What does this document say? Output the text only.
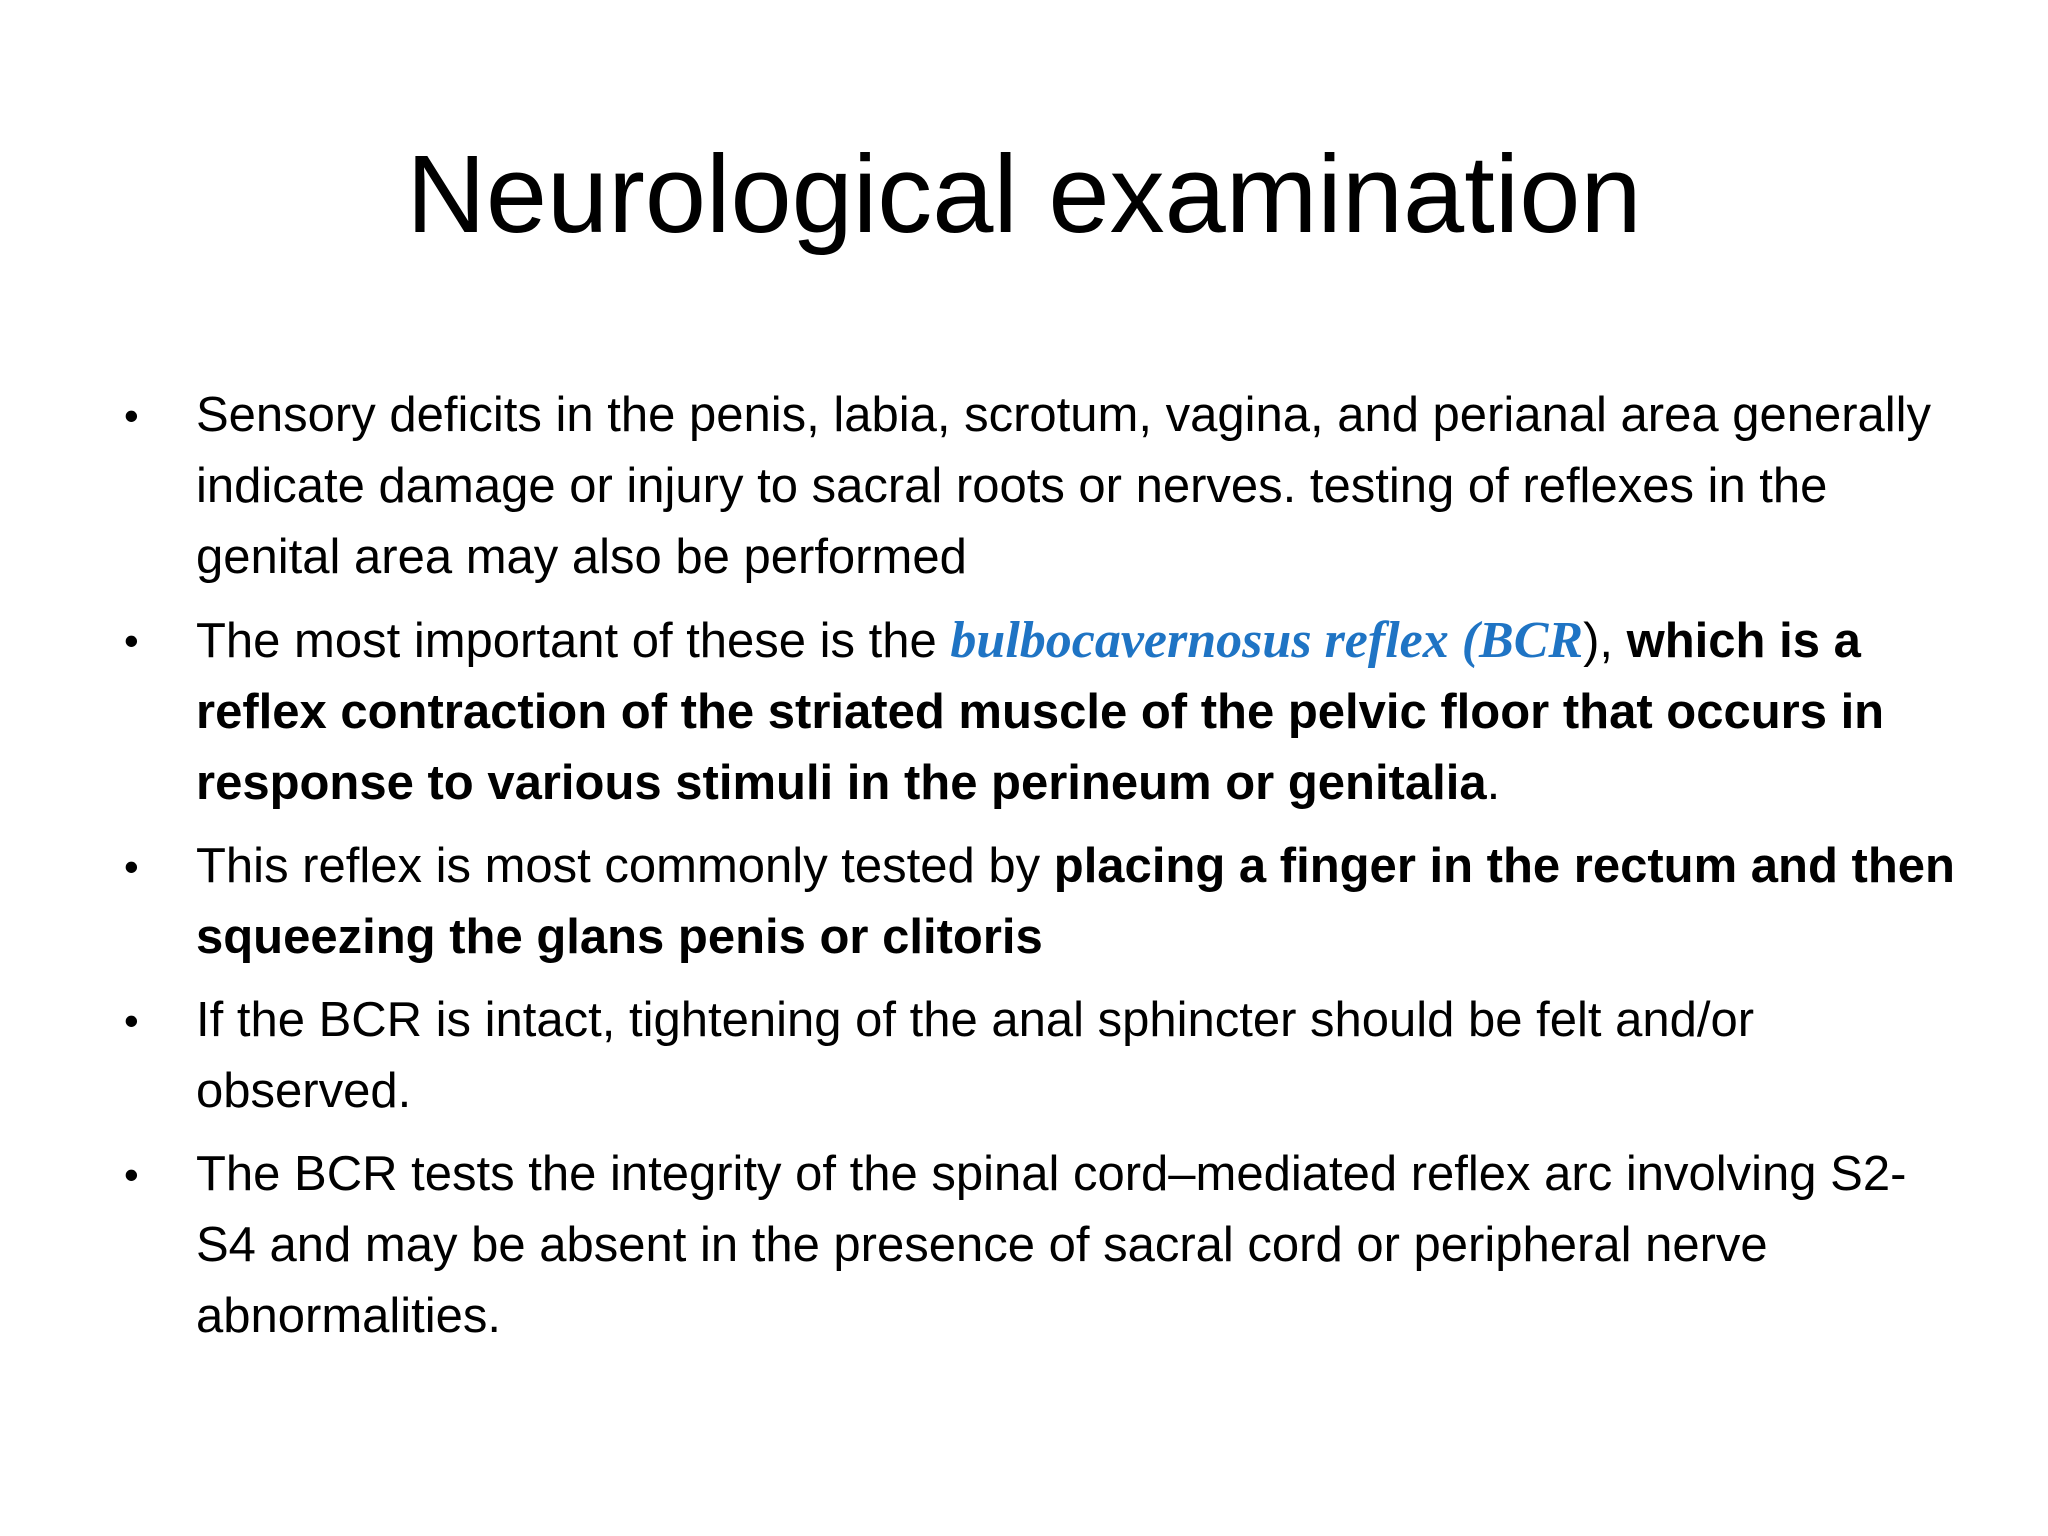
Neurological examination
• Sensory deficits in the penis, labia, scrotum, vagina, and perianal area generally indicate damage or injury to sacral roots or nerves. testing of reflexes in the genital area may also be performed
• The most important of these is the bulbocavernosus reflex (BCR), which is a reflex contraction of the striated muscle of the pelvic floor that occurs in response to various stimuli in the perineum or genitalia.
• This reflex is most commonly tested by placing a finger in the rectum and then squeezing the glans penis or clitoris
• If the BCR is intact, tightening of the anal sphincter should be felt and/or observed.
• The BCR tests the integrity of the spinal cord–mediated reflex arc involving S2-S4 and may be absent in the presence of sacral cord or peripheral nerve abnormalities.
